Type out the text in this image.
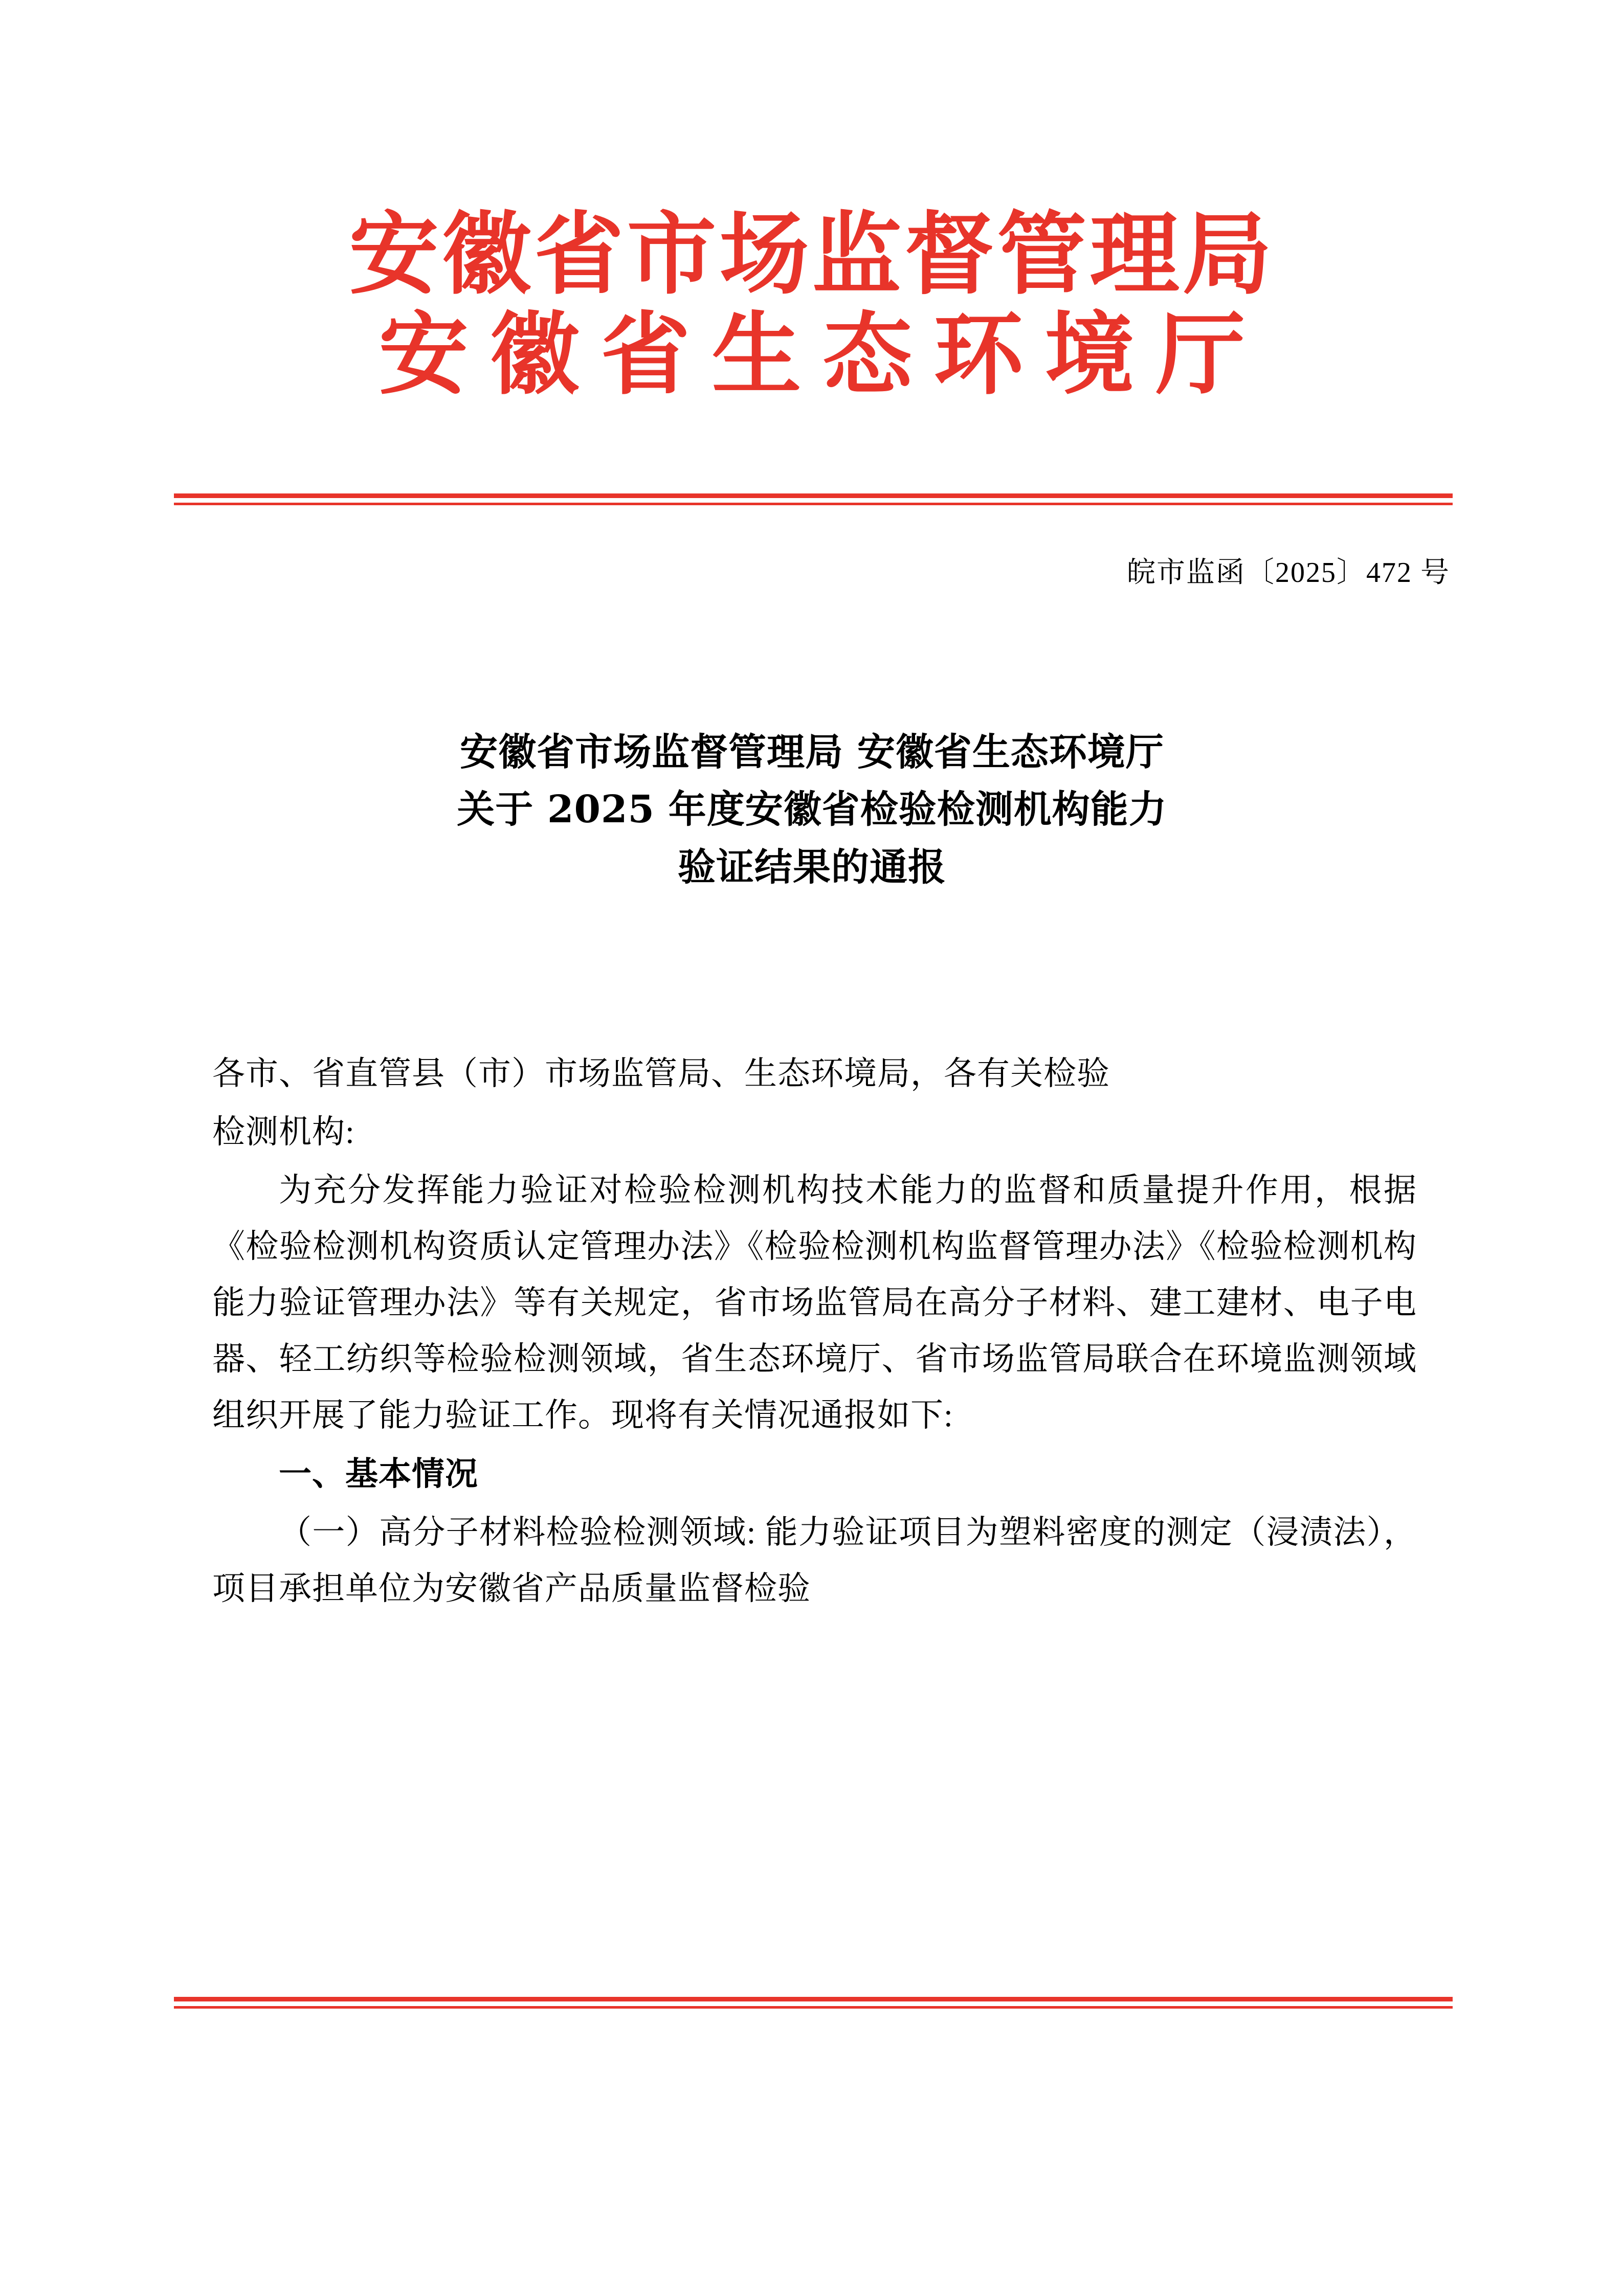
安徽省市场监督管理局
安徽省生态环境厅
皖市监函〔2025〕472 号
安徽省市场监督管理局 安徽省生态环境厅
关于 2025 年度安徽省检验检测机构能力
验证结果的通报

各市、省直管县（市）市场监管局、生态环境局，各有关检验

检测机构:

为充分发挥能力验证对检验检测机构技术能力的监督和质量提升作用，根据《检验检测机构资质认定管理办法》《检验检测机构监督管理办法》《检验检测机构能力验证管理办法》等有关规定，省市场监管局在高分子材料、建工建材、电子电器、轻工纺织等检验检测领域，省生态环境厅、省市场监管局联合在环境监测领域组织开展了能力验证工作。现将有关情况通报如下:

一、基本情况

（一）高分子材料检验检测领域: 能力验证项目为塑料密度的测定（浸渍法），项目承担单位为安徽省产品质量监督检验
